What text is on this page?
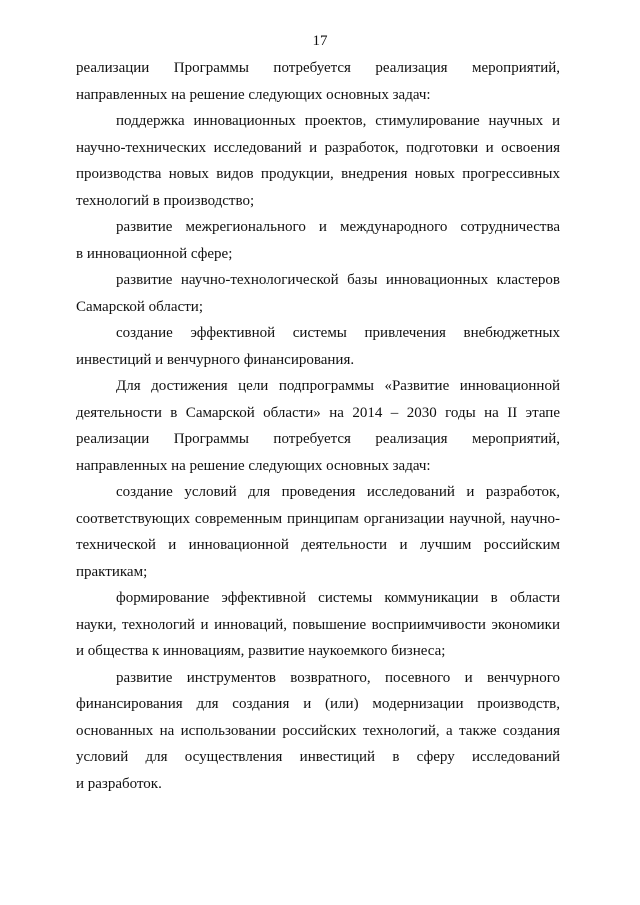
17
реализации Программы потребуется реализация мероприятий,
направленных на решение следующих основных задач:
поддержка инновационных проектов, стимулирование научных и
научно-технических исследований и разработок, подготовки и освоения
производства новых видов продукции, внедрения новых прогрессивных
технологий в производство;
развитие межрегионального и международного сотрудничества
в инновационной сфере;
развитие научно-технологической базы инновационных кластеров
Самарской области;
создание эффективной системы привлечения внебюджетных
инвестиций и венчурного финансирования.
Для достижения цели подпрограммы «Развитие инновационной
деятельности в Самарской области» на 2014 – 2030 годы на II этапе
реализации Программы потребуется реализация мероприятий,
направленных на решение следующих основных задач:
создание условий для проведения исследований и разработок,
соответствующих современным принципам организации научной, научно-
технической и инновационной деятельности и лучшим российским
практикам;
формирование эффективной системы коммуникации в области
науки, технологий и инноваций, повышение восприимчивости экономики
и общества к инновациям, развитие наукоемкого бизнеса;
развитие инструментов возвратного, посевного и венчурного
финансирования для создания и (или) модернизации производств,
основанных на использовании российских технологий, а также создания
условий для осуществления инвестиций в сферу исследований
и разработок.
